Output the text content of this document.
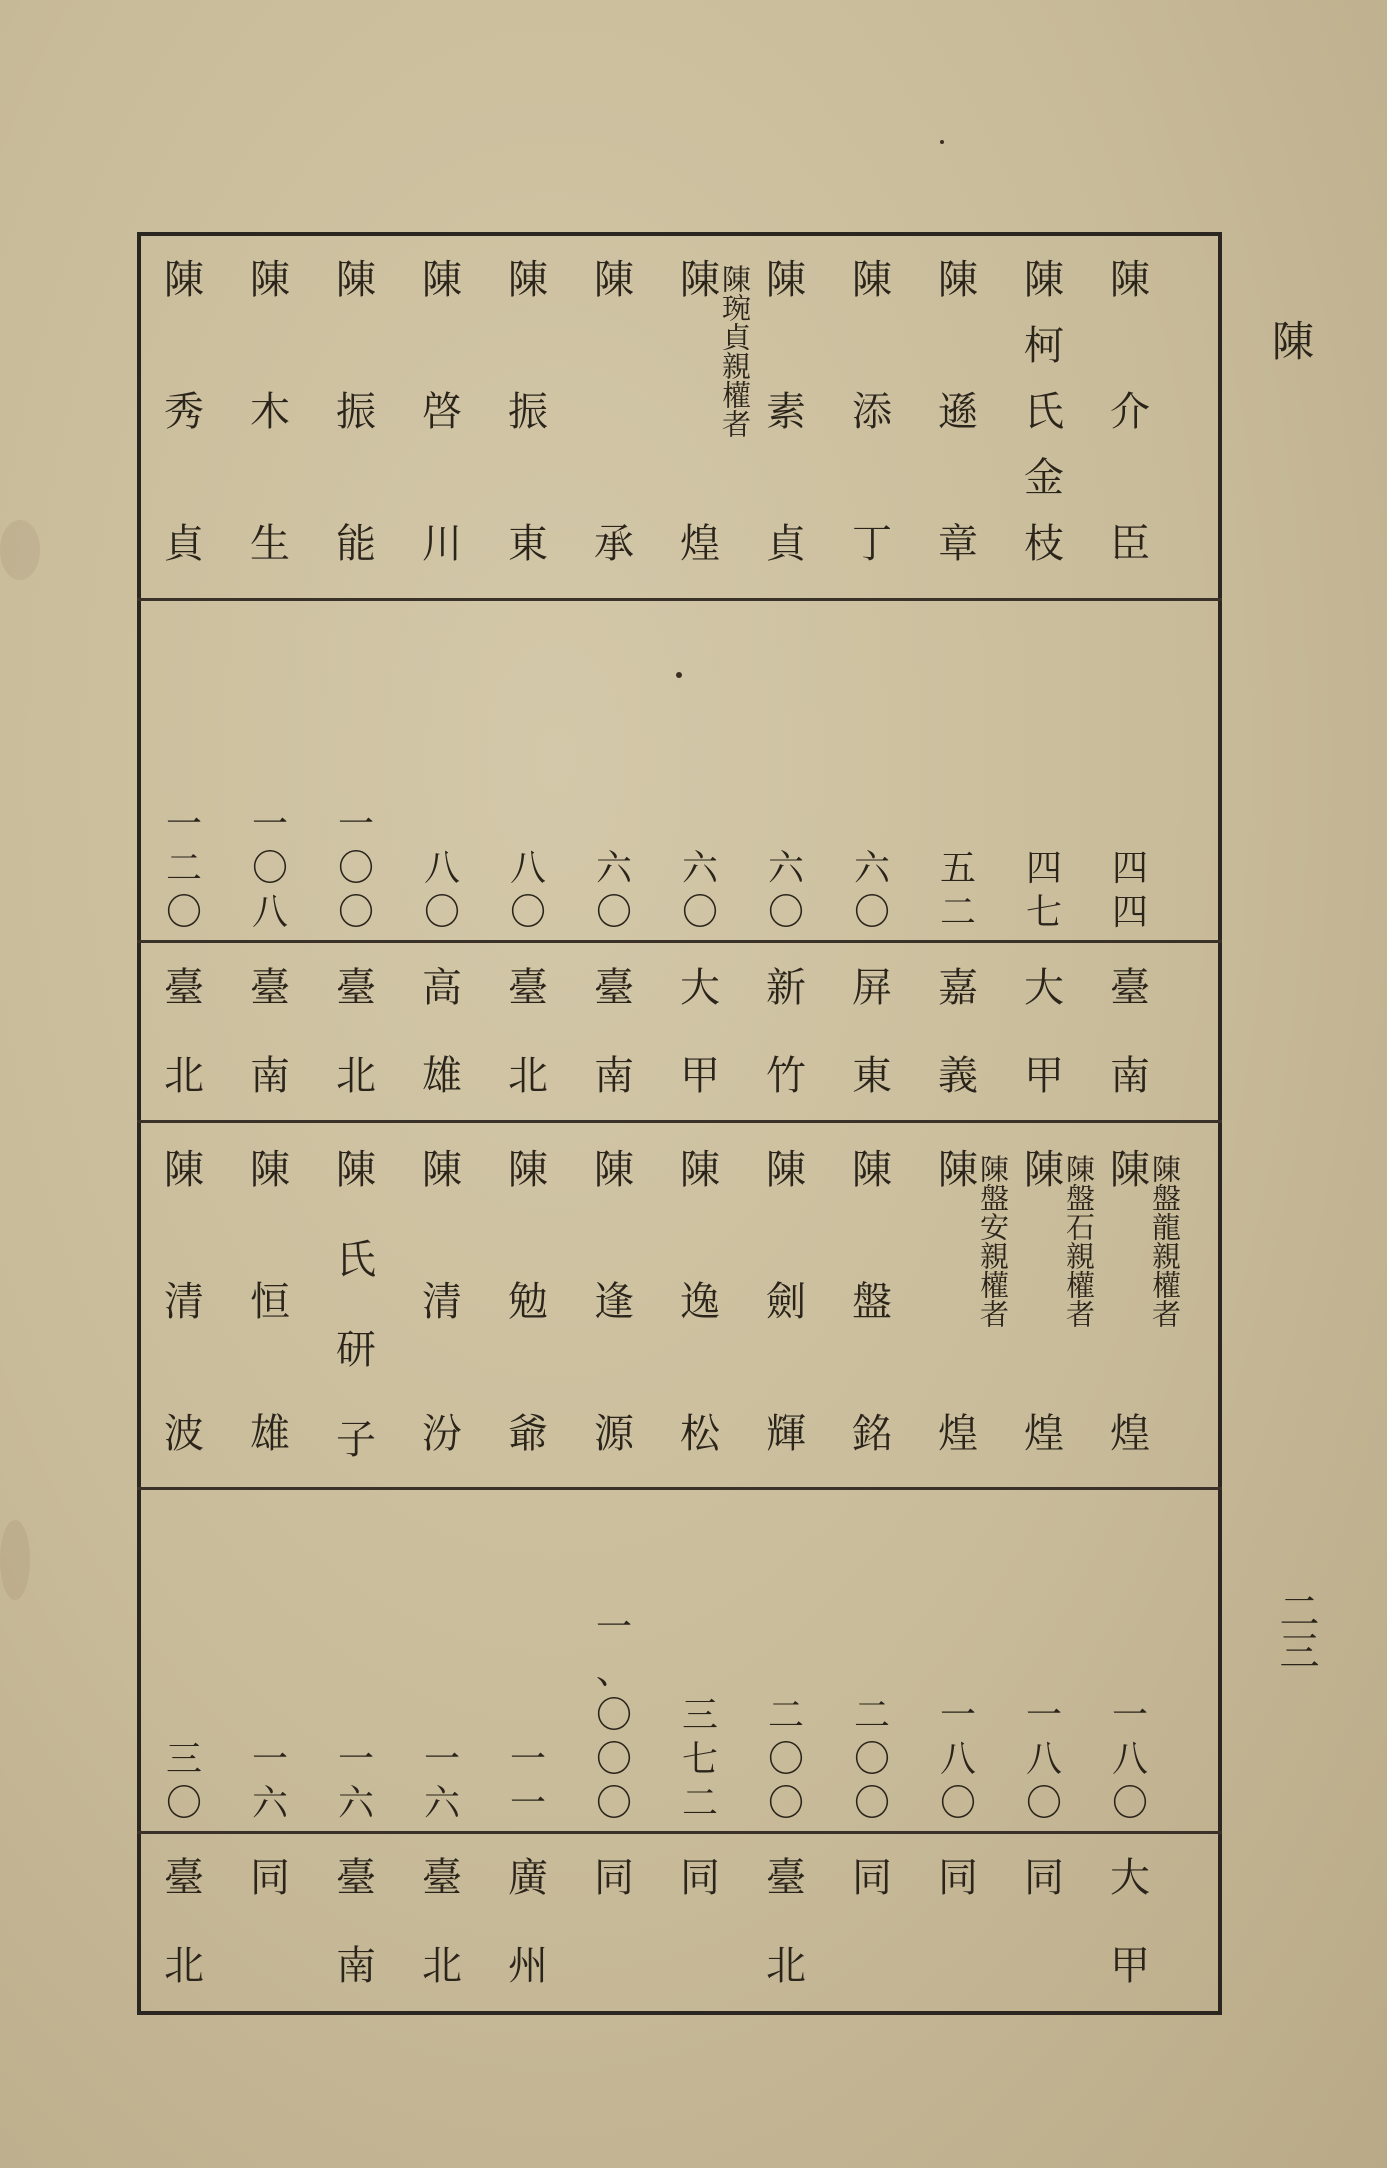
陳
二三
陳
介
臣
陳
柯
氏
金
枝
陳
遜
章
陳
添
丁
陳
素
貞
陳
煌
陳琬貞親權者
陳
承
陳
振
東
陳
啓
川
陳
振
能
陳
木
生
陳
秀
貞
四
四
四
七
五
二
六
〇
六
〇
六
〇
六
〇
八
〇
八
〇
一
〇
〇
一
〇
八
一
二
〇
臺
南
大
甲
嘉
義
屏
東
新
竹
大
甲
臺
南
臺
北
高
雄
臺
北
臺
南
臺
北
陳
煌
陳盤龍親權者
陳
煌
陳盤石親權者
陳
煌
陳盤安親權者
陳
盤
銘
陳
劍
輝
陳
逸
松
陳
逢
源
陳
勉
爺
陳
清
汾
陳
氏
研
子
陳
恒
雄
陳
清
波
一
八
〇
一
八
〇
一
八
〇
二
〇
〇
二
〇
〇
三
七
二
一
、
〇
〇
〇
一
一
一
六
一
六
一
六
三
〇
大
甲
同
同
同
臺
北
同
同
廣
州
臺
北
臺
南
同
臺
北
